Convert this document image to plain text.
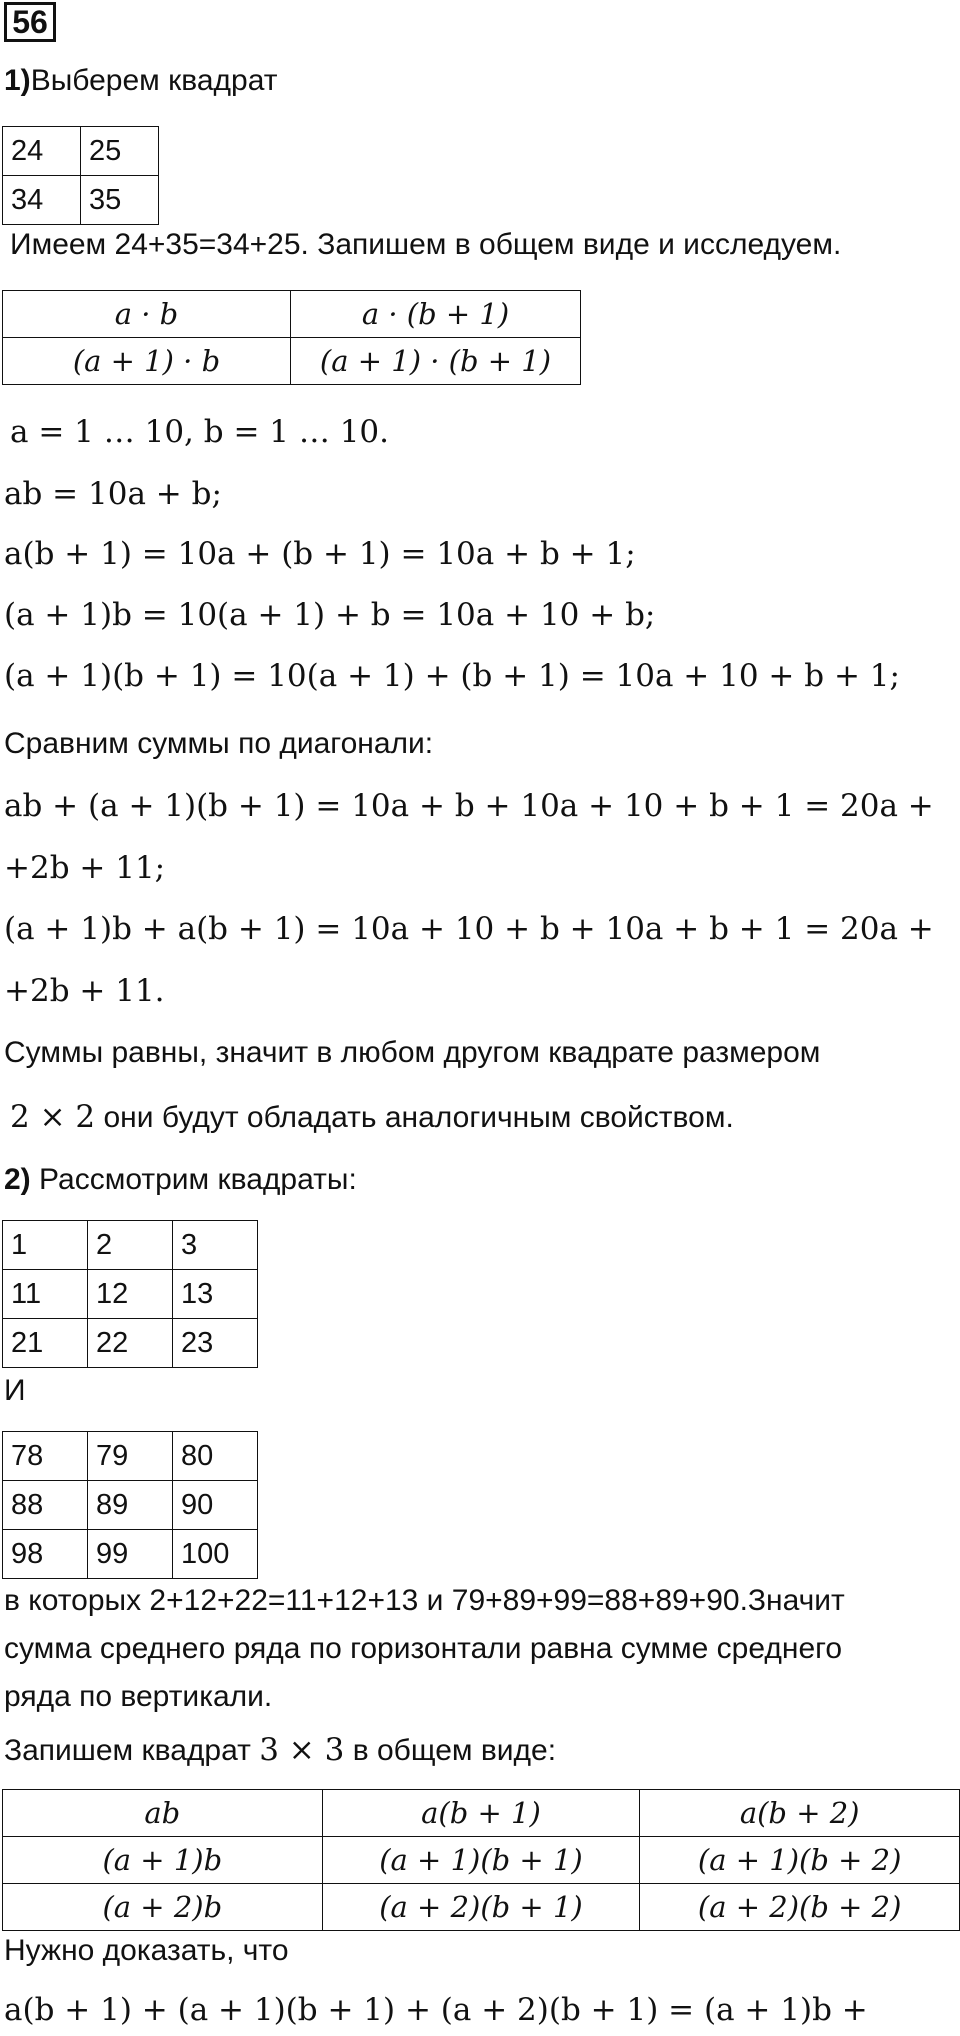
56
1)Выберем квадрат
24	25
34	35
Имеем 24+35=34+25. Запишем в общем виде и исследуем.
a · b	a · (b + 1)
(a + 1) · b	(a + 1) · (b + 1)
a = 1 … 10, b = 1 … 10.
ab = 10a + b;
a(b + 1) = 10a + (b + 1) = 10a + b + 1;
(a + 1)b = 10(a + 1) + b = 10a + 10 + b;
(a + 1)(b + 1) = 10(a + 1) + (b + 1) = 10a + 10 + b + 1;
Сравним суммы по диагонали:
ab + (a + 1)(b + 1) = 10a + b + 10a + 10 + b + 1 = 20a +
+2b + 11;
(a + 1)b + a(b + 1) = 10a + 10 + b + 10a + b + 1 = 20a +
+2b + 11.
Суммы равны, значит в любом другом квадрате размером
2 × 2 они будут обладать аналогичным свойством.
2) Рассмотрим квадраты:
1	2	3
11	12	13
21	22	23
И
78	79	80
88	89	90
98	99	100
в которых 2+12+22=11+12+13 и 79+89+99=88+89+90.Значит
сумма среднего ряда по горизонтали равна сумме среднего
ряда по вертикали.
Запишем квадрат 3 × 3 в общем виде:
ab	a(b + 1)	a(b + 2)
(a + 1)b	(a + 1)(b + 1)	(a + 1)(b + 2)
(a + 2)b	(a + 2)(b + 1)	(a + 2)(b + 2)
Нужно доказать, что
a(b + 1) + (a + 1)(b + 1) + (a + 2)(b + 1) = (a + 1)b +
